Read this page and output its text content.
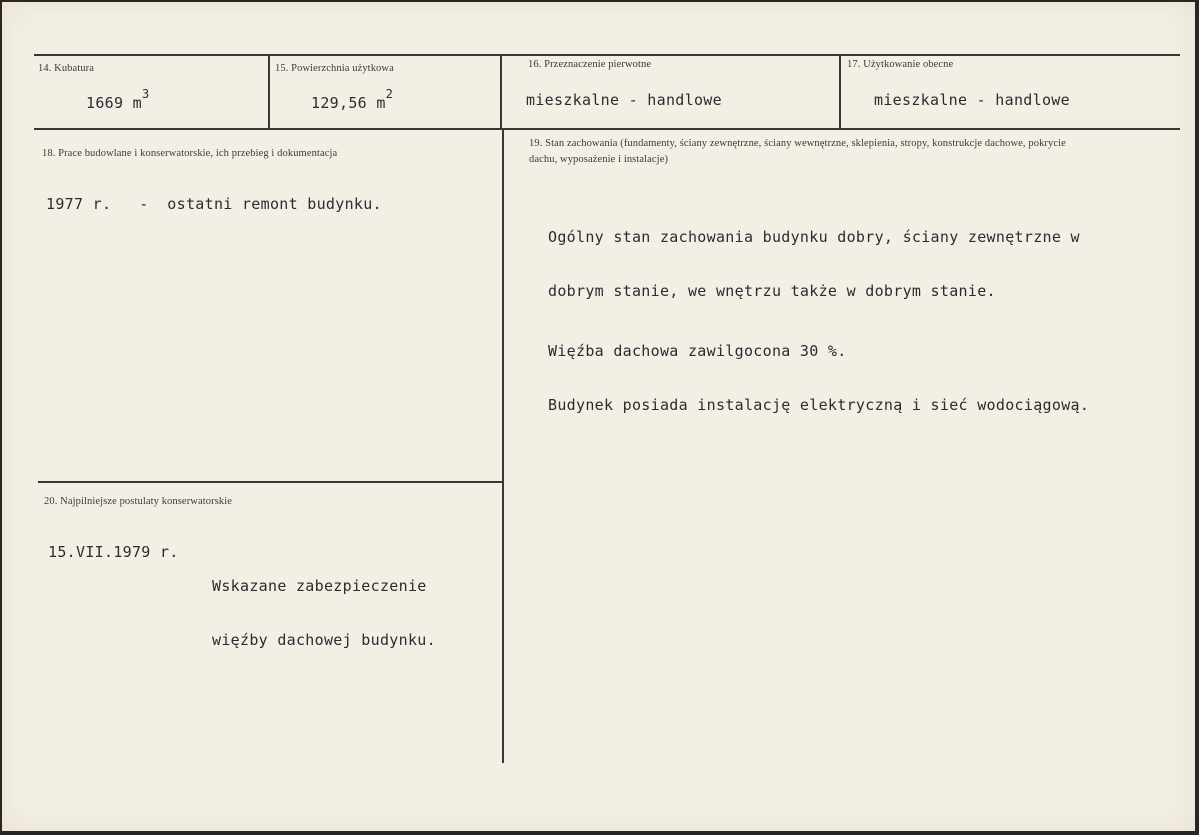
14. Kubatura
1669 $m^3$
15. Powierzchnia użytkowa
129,56 $m^2$
16. Przeznaczenie pierwotne
mieszkalne - handlowe
17. Użytkowanie obecne
mieszkalne - handlowe
18. Prace budowlane i konserwatorskie, ich przebieg i dokumentacja
1977 r.   -  ostatni remont budynku.
19. Stan zachowania (fundamenty, ściany zewnętrzne, ściany wewnętrzne, sklepienia, stropy, konstrukcje dachowe, pokrycie dachu, wyposażenie i instalacje)

Ogólny stan zachowania budynku dobry, ściany zewnętrzne w

dobrym stanie, we wnętrzu także w dobrym stanie.

Więźba dachowa zawilgocona 30 %.

Budynek posiada instalację elektryczną i sieć wodociągową.

20. Najpilniejsze postulaty konserwatorskie
15.VII.1979 r.

Wskazane zabezpieczenie

więźby dachowej budynku.
